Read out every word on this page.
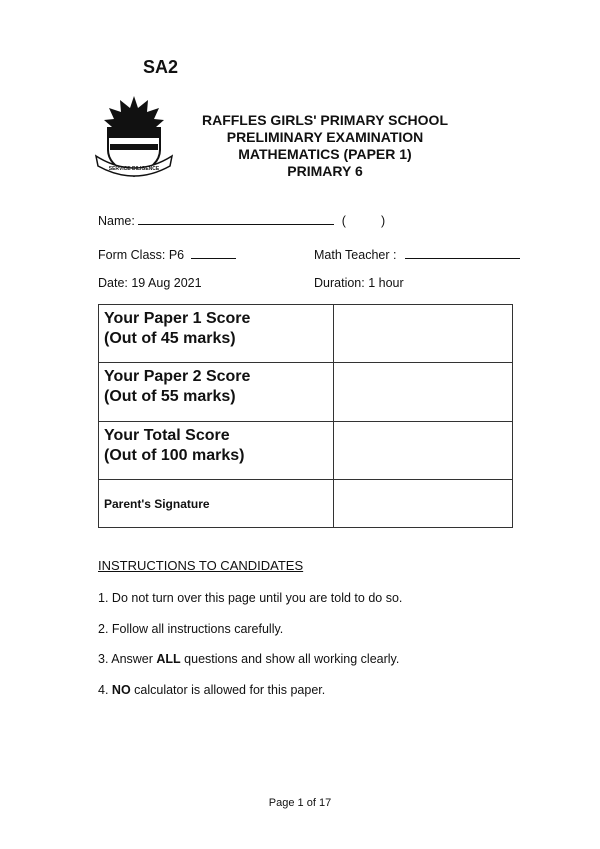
SA2
SERVICE DILIGENCE
RAFFLES GIRLS' PRIMARY SCHOOL
PRELIMINARY EXAMINATION
MATHEMATICS (PAPER 1)
PRIMARY 6
Name:	(	)
Form Class: P6	Math Teacher :
Date: 19 Aug 2021	Duration: 1 hour
Your Paper 1 Score
(Out of 45 marks)	

Your Paper 2 Score
(Out of 55 marks)	

Your Total Score
(Out of 100 marks)	

Parent's Signature	

INSTRUCTIONS TO CANDIDATES
1. Do not turn over this page until you are told to do so.
2. Follow all instructions carefully.
3. Answer ALL questions and show all working clearly.
4. NO calculator is allowed for this paper.
Page 1 of 17
